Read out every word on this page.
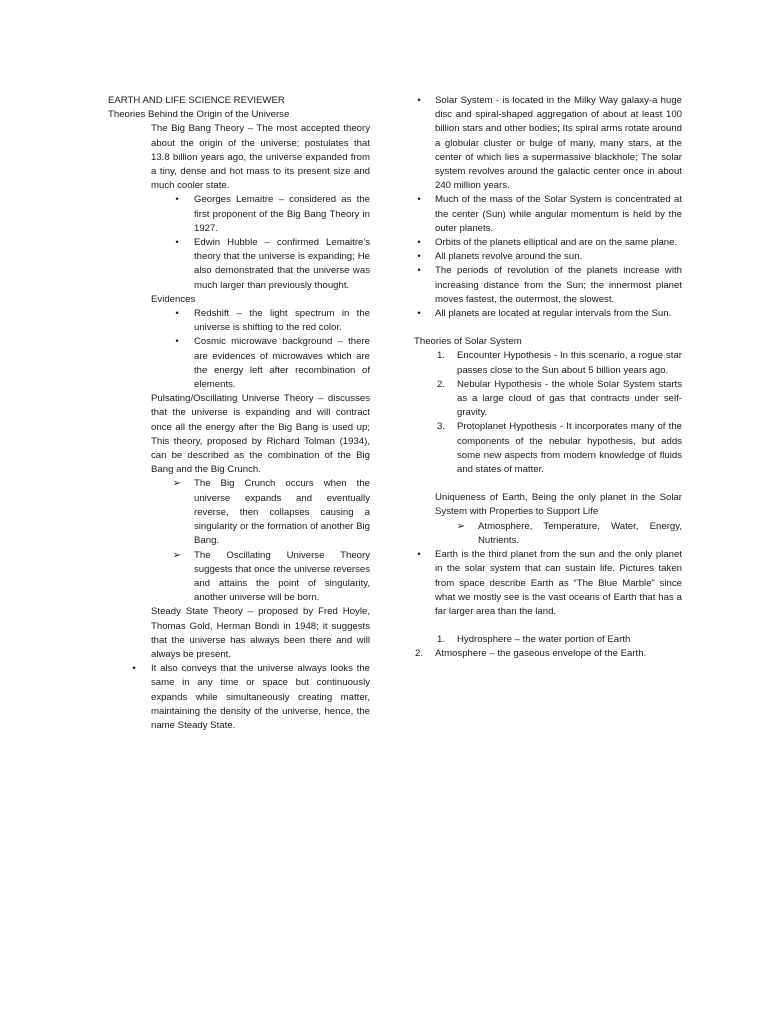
EARTH AND LIFE SCIENCE REVIEWER

Theories Behind the Origin of the Universe

The Big Bang Theory – The most accepted theory about the origin of the universe; postulates that 13.8 billion years ago, the universe expanded from a tiny, dense and hot mass to its present size and much cooler state.

•	Georges Lemaitre – considered as the first proponent of the Big Bang Theory in 1927.

•	Edwin Hubble – confirmed Lemaitre's theory that the universe is expanding; He also demonstrated that the universe was much larger than previously thought.

Evidences

•	Redshift – the light spectrum in the universe is shifting to the red color.

•	Cosmic microwave background – there are evidences of microwaves which are the energy left after recombination of elements.

Pulsating/Oscillating Universe Theory – discusses that the universe is expanding and will contract once all the energy after the Big Bang is used up; This theory, proposed by Richard Tolman (1934), can be described as the combination of the Big Bang and the Big Crunch.

➢ The Big Crunch occurs when the universe expands and eventually reverse, then collapses causing a singularity or the formation of another Big Bang.

➢ The Oscillating Universe Theory suggests that once the universe reverses and attains the point of singularity, another universe will be born.

Steady State Theory – proposed by Fred Hoyle, Thomas Gold, Herman Bondi in 1948; it suggests that the universe has always been there and will always be present.

•	It also conveys that the universe always looks the same in any time or space but continuously expands while simultaneously creating matter, maintaining the density of the universe, hence, the name Steady State.

•	Solar System - is located in the Milky Way galaxy-a huge disc and spiral-shaped aggregation of about at least 100 billion stars and other bodies; Its spiral arms rotate around a globular cluster or bulge of many, many stars, at the center of which lies a supermassive blackhole; The solar system revolves around the galactic center once in about 240 million years.

•	Much of the mass of the Solar System is concentrated at the center (Sun) while angular momentum is held by the outer planets.

•	Orbits of the planets elliptical and are on the same plane.

•	All planets revolve around the sun.

•	The periods of revolution of the planets increase with increasing distance from the Sun; the innermost planet moves fastest, the outermost, the slowest.

•	All planets are located at regular intervals from the Sun.

Theories of Solar System

1.	Encounter Hypothesis - In this scenario, a rogue star passes close to the Sun about 5 billion years ago.

2.	Nebular Hypothesis - the whole Solar System starts as a large cloud of gas that contracts under self-gravity.

3.	Protoplanet Hypothesis - It incorporates many of the components of the nebular hypothesis, but adds some new aspects from modern knowledge of fluids and states of matter.

Uniqueness of Earth, Being the only planet in the Solar System with Properties to Support Life

➢ Atmosphere, Temperature, Water, Energy, Nutrients.

•	Earth is the third planet from the sun and the only planet in the solar system that can sustain life. Pictures taken from space describe Earth as “The Blue Marble” since what we mostly see is the vast oceans of Earth that has a far larger area than the land.

1.	Hydrosphere – the water portion of Earth

2.	Atmosphere – the gaseous envelope of the Earth.
